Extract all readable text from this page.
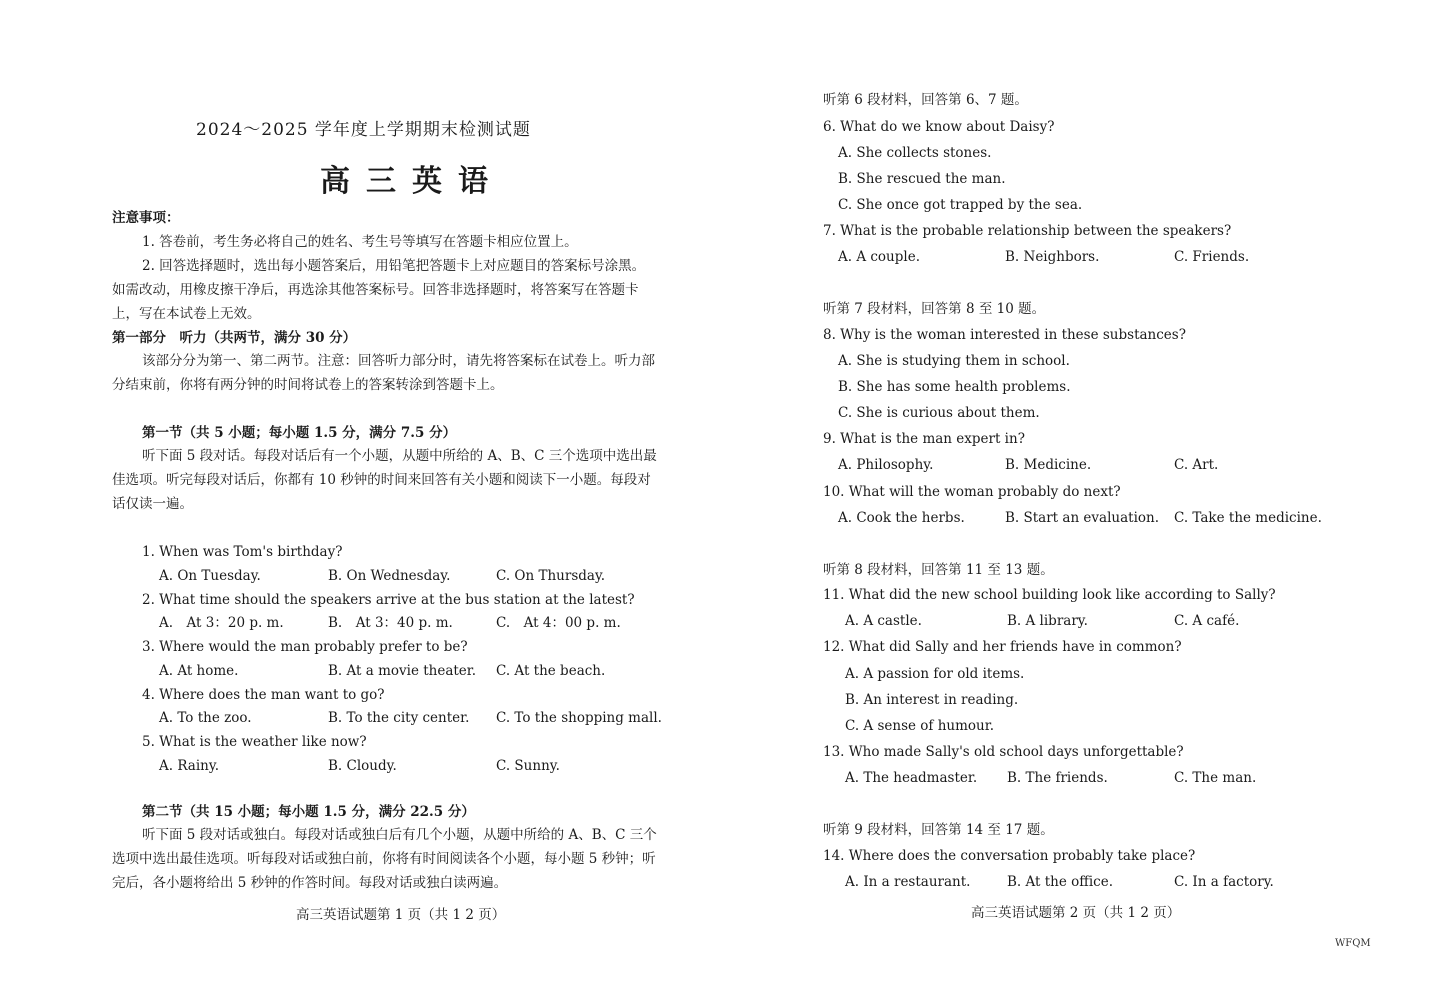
2024～2025 学年度上学期期末检测试题
高三英语
注意事项：
1. 答卷前，考生务必将自己的姓名、考生号等填写在答题卡相应位置上。
2. 回答选择题时，选出每小题答案后，用铅笔把答题卡上对应题目的答案标号涂黑。
如需改动，用橡皮擦干净后，再选涂其他答案标号。回答非选择题时，将答案写在答题卡
上，写在本试卷上无效。
第一部分　听力（共两节，满分 30 分）
该部分分为第一、第二两节。注意：回答听力部分时，请先将答案标在试卷上。听力部
分结束前，你将有两分钟的时间将试卷上的答案转涂到答题卡上。
第一节（共 5 小题；每小题 1.5 分，满分 7.5 分）
听下面 5 段对话。每段对话后有一个小题，从题中所给的 A、B、C 三个选项中选出最
佳选项。听完每段对话后，你都有 10 秒钟的时间来回答有关小题和阅读下一小题。每段对
话仅读一遍。
1. When was Tom's birthday?
A. On Tuesday.	B. On Wednesday.	C. On Thursday.
2. What time should the speakers arrive at the bus station at the latest?
A.　At 3：20 p. m.	B.　At 3：40 p. m.	C.　At 4：00 p. m.
3. Where would the man probably prefer to be?
A. At home.	B. At a movie theater. C. At the beach.
4. Where does the man want to go?
A. To the zoo.	B. To the city center. C. To the shopping mall.
5. What is the weather like now?
A. Rainy.	B. Cloudy.	C. Sunny.
第二节（共 15 小题；每小题 1.5 分，满分 22.5 分）
听下面 5 段对话或独白。每段对话或独白后有几个小题，从题中所给的 A、B、C 三个
选项中选出最佳选项。听每段对话或独白前，你将有时间阅读各个小题，每小题 5 秒钟；听
完后，各小题将给出 5 秒钟的作答时间。每段对话或独白读两遍。
高三英语试题第 1 页（共 1 2 页）
听第 6 段材料，回答第 6、7 题。
6. What do we know about Daisy?
A. She collects stones.
B. She rescued the man.
C. She once got trapped by the sea.
7. What is the probable relationship between the speakers?
A. A couple.	B. Neighbors.	C. Friends.
听第 7 段材料，回答第 8 至 10 题。
8. Why is the woman interested in these substances?
A. She is studying them in school.
B. She has some health problems.
C. She is curious about them.
9. What is the man expert in?
A. Philosophy.	B. Medicine.	C. Art.
10. What will the woman probably do next?
A. Cook the herbs.	B. Start an evaluation. C. Take the medicine.
听第 8 段材料，回答第 11 至 13 题。
11. What did the new school building look like according to Sally?
A. A castle.	B. A library.	C. A café.
12. What did Sally and her friends have in common?
A. A passion for old items.
B. An interest in reading.
C. A sense of humour.
13. Who made Sally's old school days unforgettable?
A. The headmaster. B. The friends.	C. The man.
听第 9 段材料，回答第 14 至 17 题。
14. Where does the conversation probably take place?
A. In a restaurant.	B. At the office.	C. In a factory.
高三英语试题第 2 页（共 1 2 页）
WFQM
